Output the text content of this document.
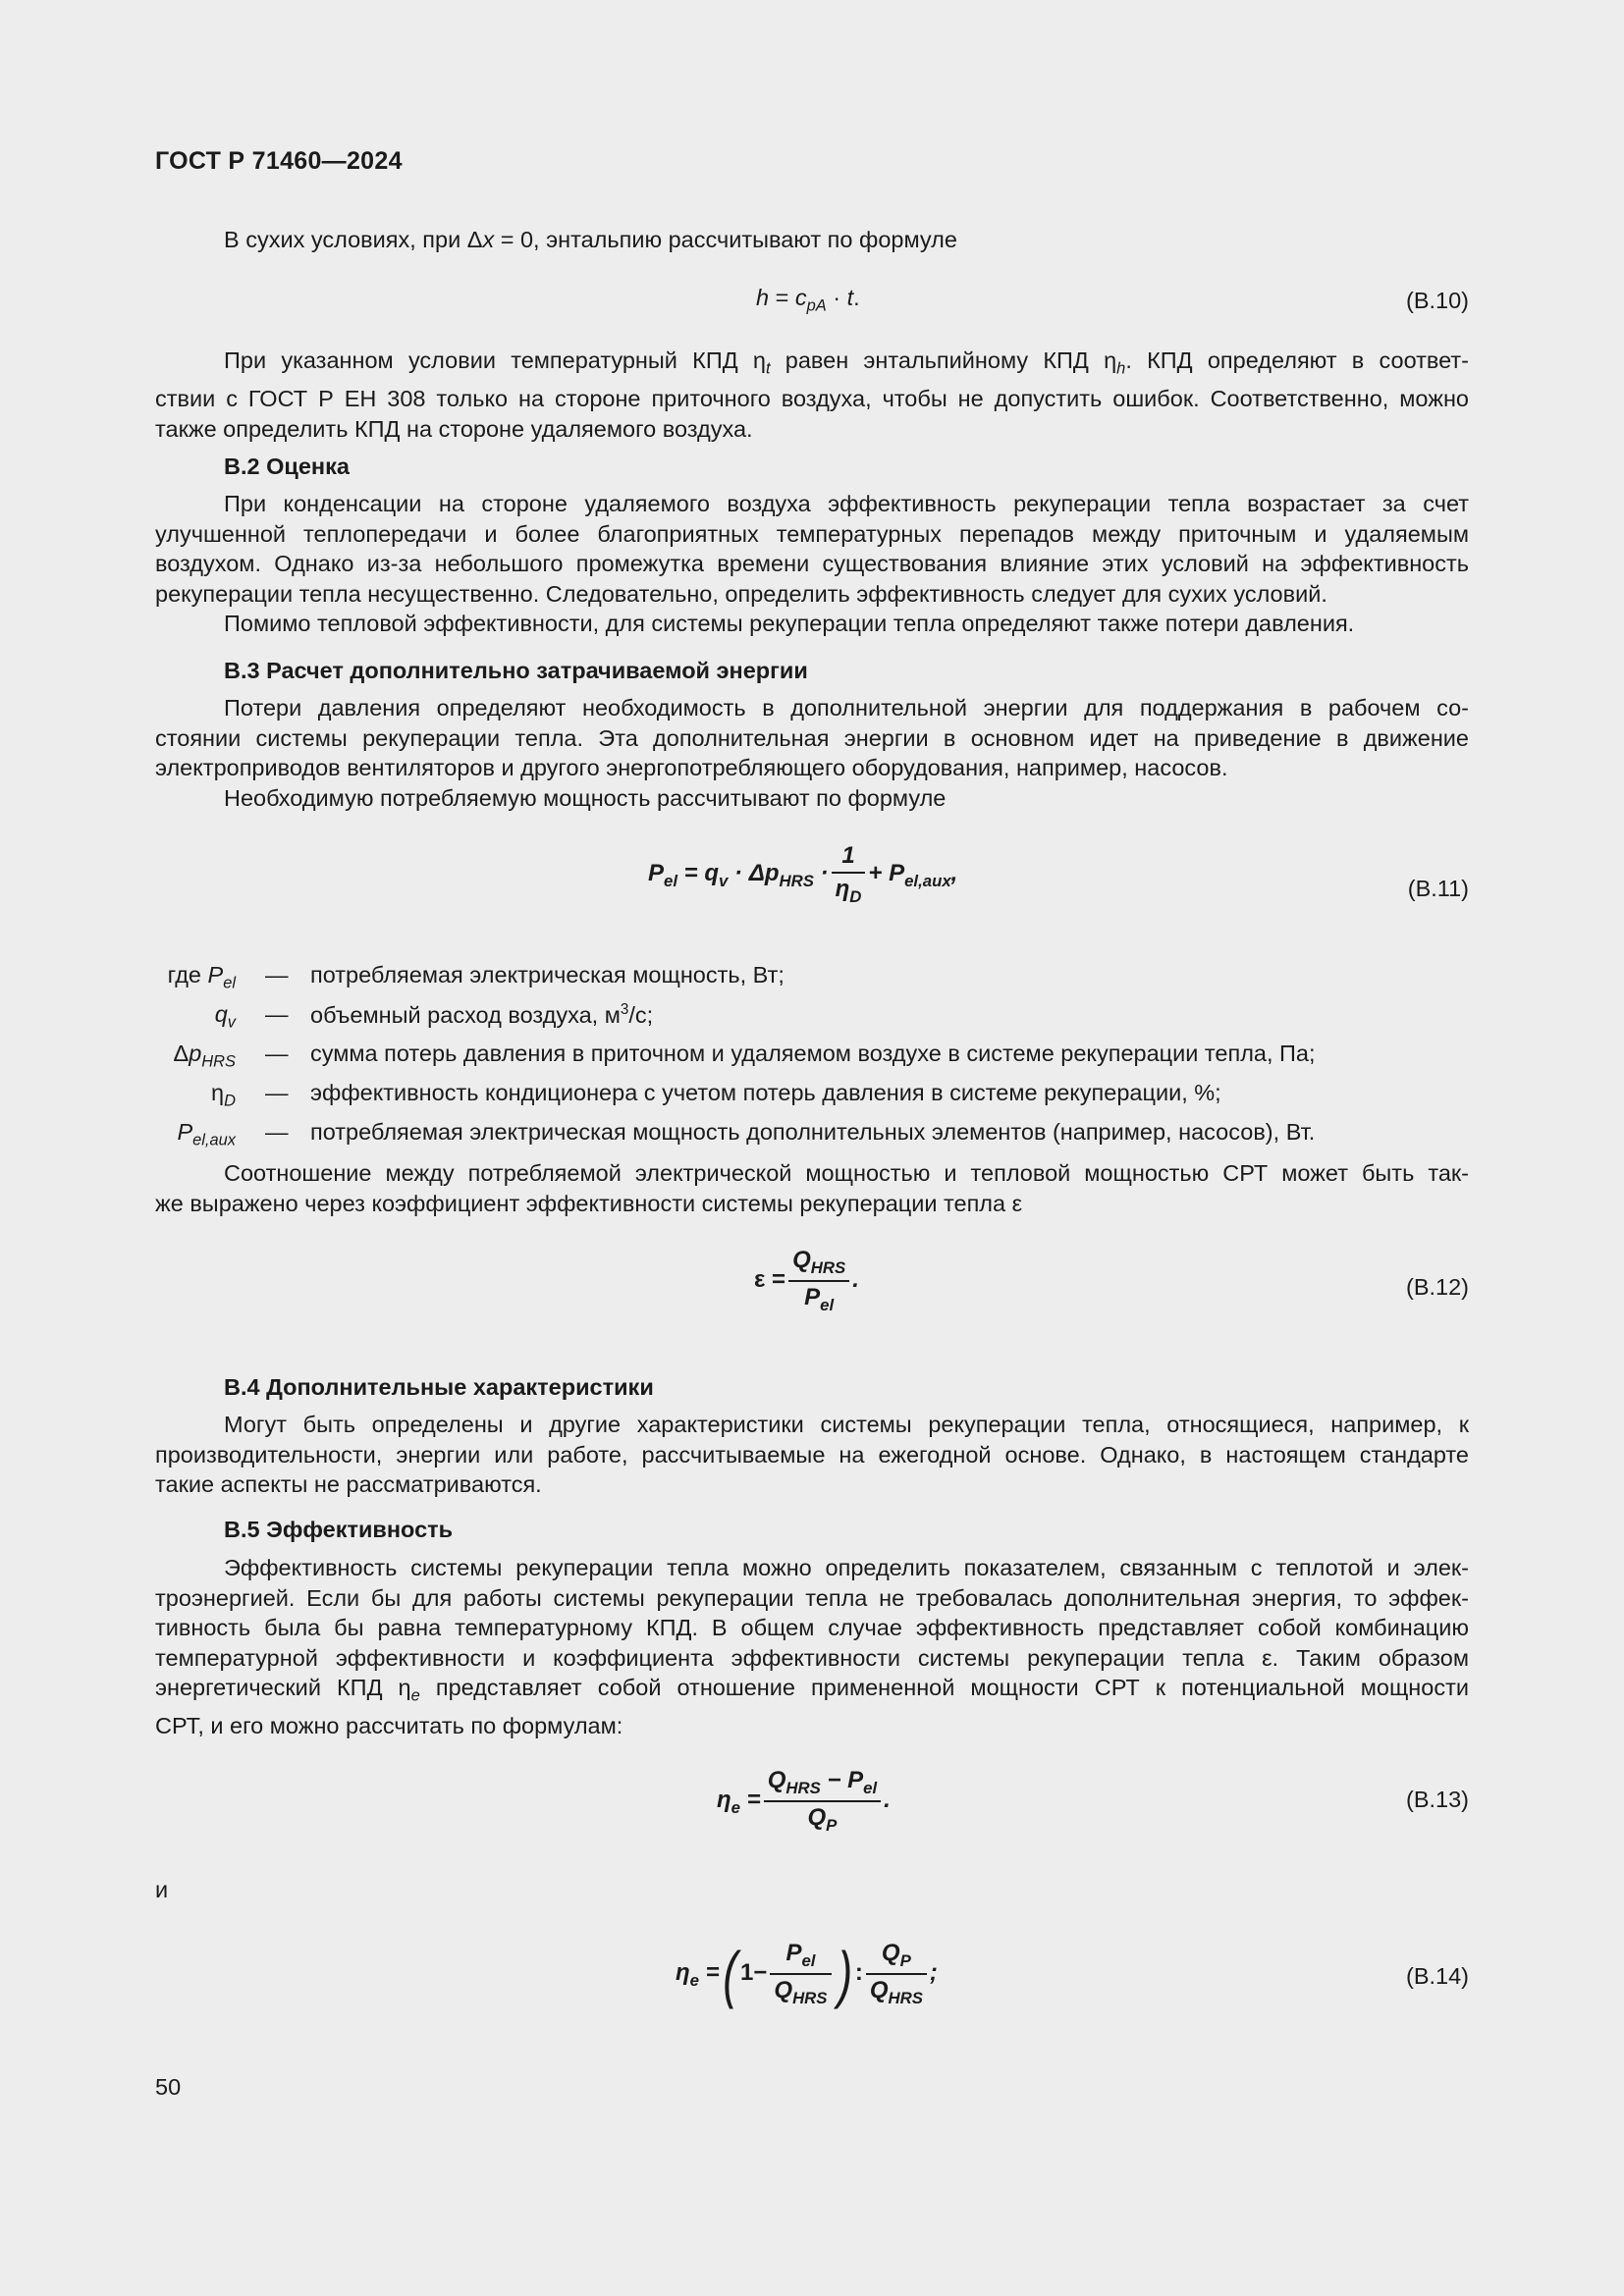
ГОСТ Р 71460—2024
В сухих условиях, при Δx = 0, энтальпию рассчитывают по формуле
$h = c_{pA} \cdot t$.	(B.10)
При указанном условии температурный КПД $\eta_t$ равен энтальпийному КПД $\eta_h$. КПД определяют в соответ-
ствии с ГОСТ Р ЕН 308 только на стороне приточного воздуха, чтобы не допустить ошибок. Соответственно, можно
также определить КПД на стороне удаляемого воздуха.
B.2 Оценка
При конденсации на стороне удаляемого воздуха эффективность рекуперации тепла возрастает за счет
улучшенной теплопередачи и более благоприятных температурных перепадов между приточным и удаляемым
воздухом. Однако из-за небольшого промежутка времени существования влияние этих условий на эффективность
рекуперации тепла несущественно. Следовательно, определить эффективность следует для сухих условий.
Помимо тепловой эффективности, для системы рекуперации тепла определяют также потери давления.
B.3 Расчет дополнительно затрачиваемой энергии
Потери давления определяют необходимость в дополнительной энергии для поддержания в рабочем со-
стоянии системы рекуперации тепла. Эта дополнительная энергии в основном идет на приведение в движение
электроприводов вентиляторов и другого энергопотребляющего оборудования, например, насосов.
Необходимую потребляемую мощность рассчитывают по формуле
$P_{el} = q_v \cdot \Delta p_{HRS} \cdot \frac{1}{\eta_D} + P_{el,aux}$,
(B.11)
где $P_{el}$ — потребляемая электрическая мощность, Вт;
$q_v$ — объемный расход воздуха, $м^3/с$;
$\Delta p_{HRS}$ — сумма потерь давления в приточном и удаляемом воздухе в системе рекуперации тепла, Па;
$\eta_D$ — эффективность кондиционера с учетом потерь давления в системе рекуперации, %;
$P_{el,aux}$ — потребляемая электрическая мощность дополнительных элементов (например, насосов), Вт.
Соотношение между потребляемой электрической мощностью и тепловой мощностью СРТ может быть так-
же выражено через коэффициент эффективности системы рекуперации тепла ε
$\varepsilon = \frac{Q_{HRS}}{P_{el}}$ .	(B.12)
B.4 Дополнительные характеристики
Могут быть определены и другие характеристики системы рекуперации тепла, относящиеся, например, к
производительности, энергии или работе, рассчитываемые на ежегодной основе. Однако, в настоящем стандарте
такие аспекты не рассматриваются.
B.5 Эффективность
Эффективность системы рекуперации тепла можно определить показателем, связанным с теплотой и элек-
троэнергией. Если бы для работы системы рекуперации тепла не требовалась дополнительная энергия, то эффек-
тивность была бы равна температурному КПД. В общем случае эффективность представляет собой комбинацию
температурной эффективности и коэффициента эффективности системы рекуперации тепла ε. Таким образом
энергетический КПД $\eta_e$ представляет собой отношение примененной мощности СРТ к потенциальной мощности
СРТ, и его можно рассчитать по формулам:
$\eta_e = \frac{Q_{HRS} - P_{el}}{Q_P}$ .	(B.13)
и
$\eta_e$ =( $1- \frac{P_{el}}{Q_{HRS}}$ ) : $\frac{Q_P}{Q_{HRS}}$ ;	(B.14)
50
